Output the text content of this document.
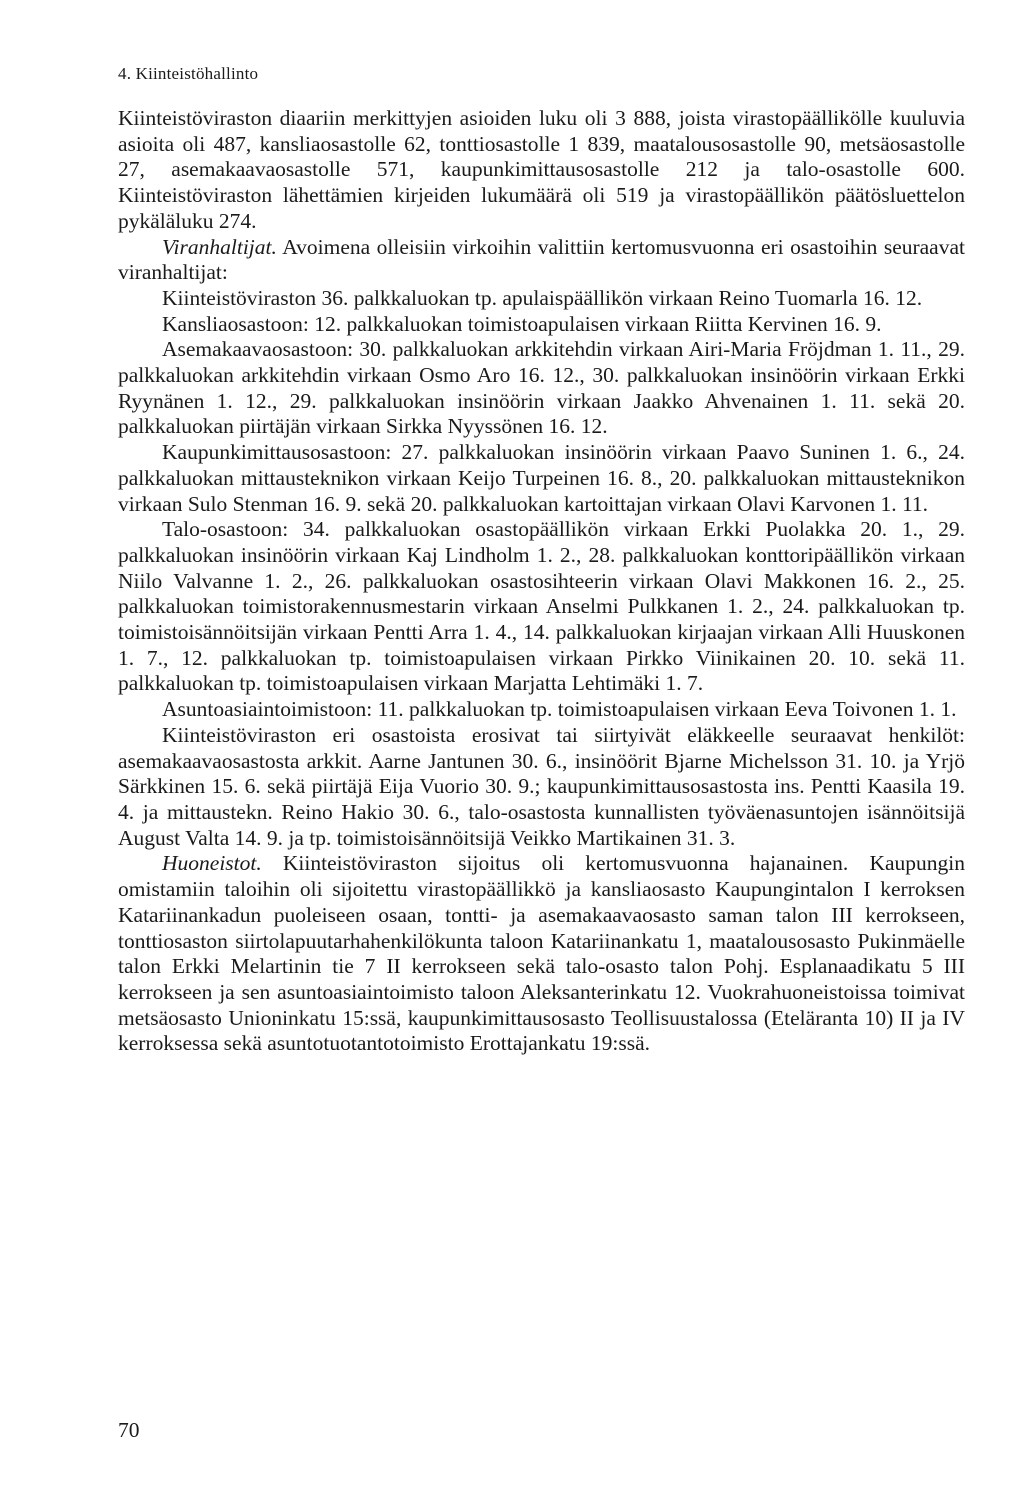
4. Kiinteistöhallinto

Kiinteistöviraston diaariin merkittyjen asioiden luku oli 3 888, joista virastopäällikölle kuuluvia asioita oli 487, kansliaosastolle 62, tonttiosastolle 1 839, maatalousosastolle 90, metsäosastolle 27, asemakaavaosastolle 571, kaupunkimittausosastolle 212 ja talo-osastolle 600. Kiinteistöviraston lähettämien kirjeiden lukumäärä oli 519 ja virastopäällikön päätösluettelon pykäläluku 274.

Viranhaltijat. Avoimena olleisiin virkoihin valittiin kertomusvuonna eri osastoihin seuraavat viranhaltijat:

Kiinteistöviraston 36. palkkaluokan tp. apulaispäällikön virkaan Reino Tuomarla 16. 12.

Kansliaosastoon: 12. palkkaluokan toimistoapulaisen virkaan Riitta Kervinen 16. 9.

Asemakaavaosastoon: 30. palkkaluokan arkkitehdin virkaan Airi-Maria Fröjdman 1. 11., 29. palkkaluokan arkkitehdin virkaan Osmo Aro 16. 12., 30. palkkaluokan insinöörin virkaan Erkki Ryynänen 1. 12., 29. palkkaluokan insinöörin virkaan Jaakko Ahvenainen 1. 11. sekä 20. palkkaluokan piirtäjän virkaan Sirkka Nyyssönen 16. 12.

Kaupunkimittausosastoon: 27. palkkaluokan insinöörin virkaan Paavo Suninen 1. 6., 24. palkkaluokan mittausteknikon virkaan Keijo Turpeinen 16. 8., 20. palkkaluokan mittausteknikon virkaan Sulo Stenman 16. 9. sekä 20. palkkaluokan kartoittajan virkaan Olavi Karvonen 1. 11.

Talo-osastoon: 34. palkkaluokan osastopäällikön virkaan Erkki Puolakka 20. 1., 29. palkkaluokan insinöörin virkaan Kaj Lindholm 1. 2., 28. palkkaluokan konttoripäällikön virkaan Niilo Valvanne 1. 2., 26. palkkaluokan osastosihteerin virkaan Olavi Makkonen 16. 2., 25. palkkaluokan toimistorakennusmestarin virkaan Anselmi Pulkkanen 1. 2., 24. palkkaluokan tp. toimistoisännöitsijän virkaan Pentti Arra 1. 4., 14. palkkaluokan kirjaajan virkaan Alli Huuskonen 1. 7., 12. palkkaluokan tp. toimistoapulaisen virkaan Pirkko Viinikainen 20. 10. sekä 11. palkkaluokan tp. toimistoapulaisen virkaan Marjatta Lehtimäki 1. 7.

Asuntoasiaintoimistoon: 11. palkkaluokan tp. toimistoapulaisen virkaan Eeva Toivonen 1. 1.

Kiinteistöviraston eri osastoista erosivat tai siirtyivät eläkkeelle seuraavat henkilöt: asemakaavaosastosta arkkit. Aarne Jantunen 30. 6., insinöörit Bjarne Michelsson 31. 10. ja Yrjö Särkkinen 15. 6. sekä piirtäjä Eija Vuorio 30. 9.; kaupunkimittausosastosta ins. Pentti Kaasila 19. 4. ja mittaustekn. Reino Hakio 30. 6., talo-osastosta kunnallisten työväenasuntojen isännöitsijä August Valta 14. 9. ja tp. toimistoisännöitsijä Veikko Martikainen 31. 3.

Huoneistot. Kiinteistöviraston sijoitus oli kertomusvuonna hajanainen. Kaupungin omistamiin taloihin oli sijoitettu virastopäällikkö ja kansliaosasto Kaupungintalon I kerroksen Katariinankadun puoleiseen osaan, tontti- ja asemakaavaosasto saman talon III kerrokseen, tonttiosaston siirtolapuutarhahenkilökunta taloon Katariinankatu 1, maatalousosasto Pukinmäelle talon Erkki Melartinin tie 7 II kerrokseen sekä talo-osasto talon Pohj. Esplanaadikatu 5 III kerrokseen ja sen asuntoasiaintoimisto taloon Aleksanterinkatu 12. Vuokrahuoneistoissa toimivat metsäosasto Unioninkatu 15:ssä, kaupunkimittausosasto Teollisuustalossa (Eteläranta 10) II ja IV kerroksessa sekä asuntotuotantotoimisto Erottajankatu 19:ssä.

70
